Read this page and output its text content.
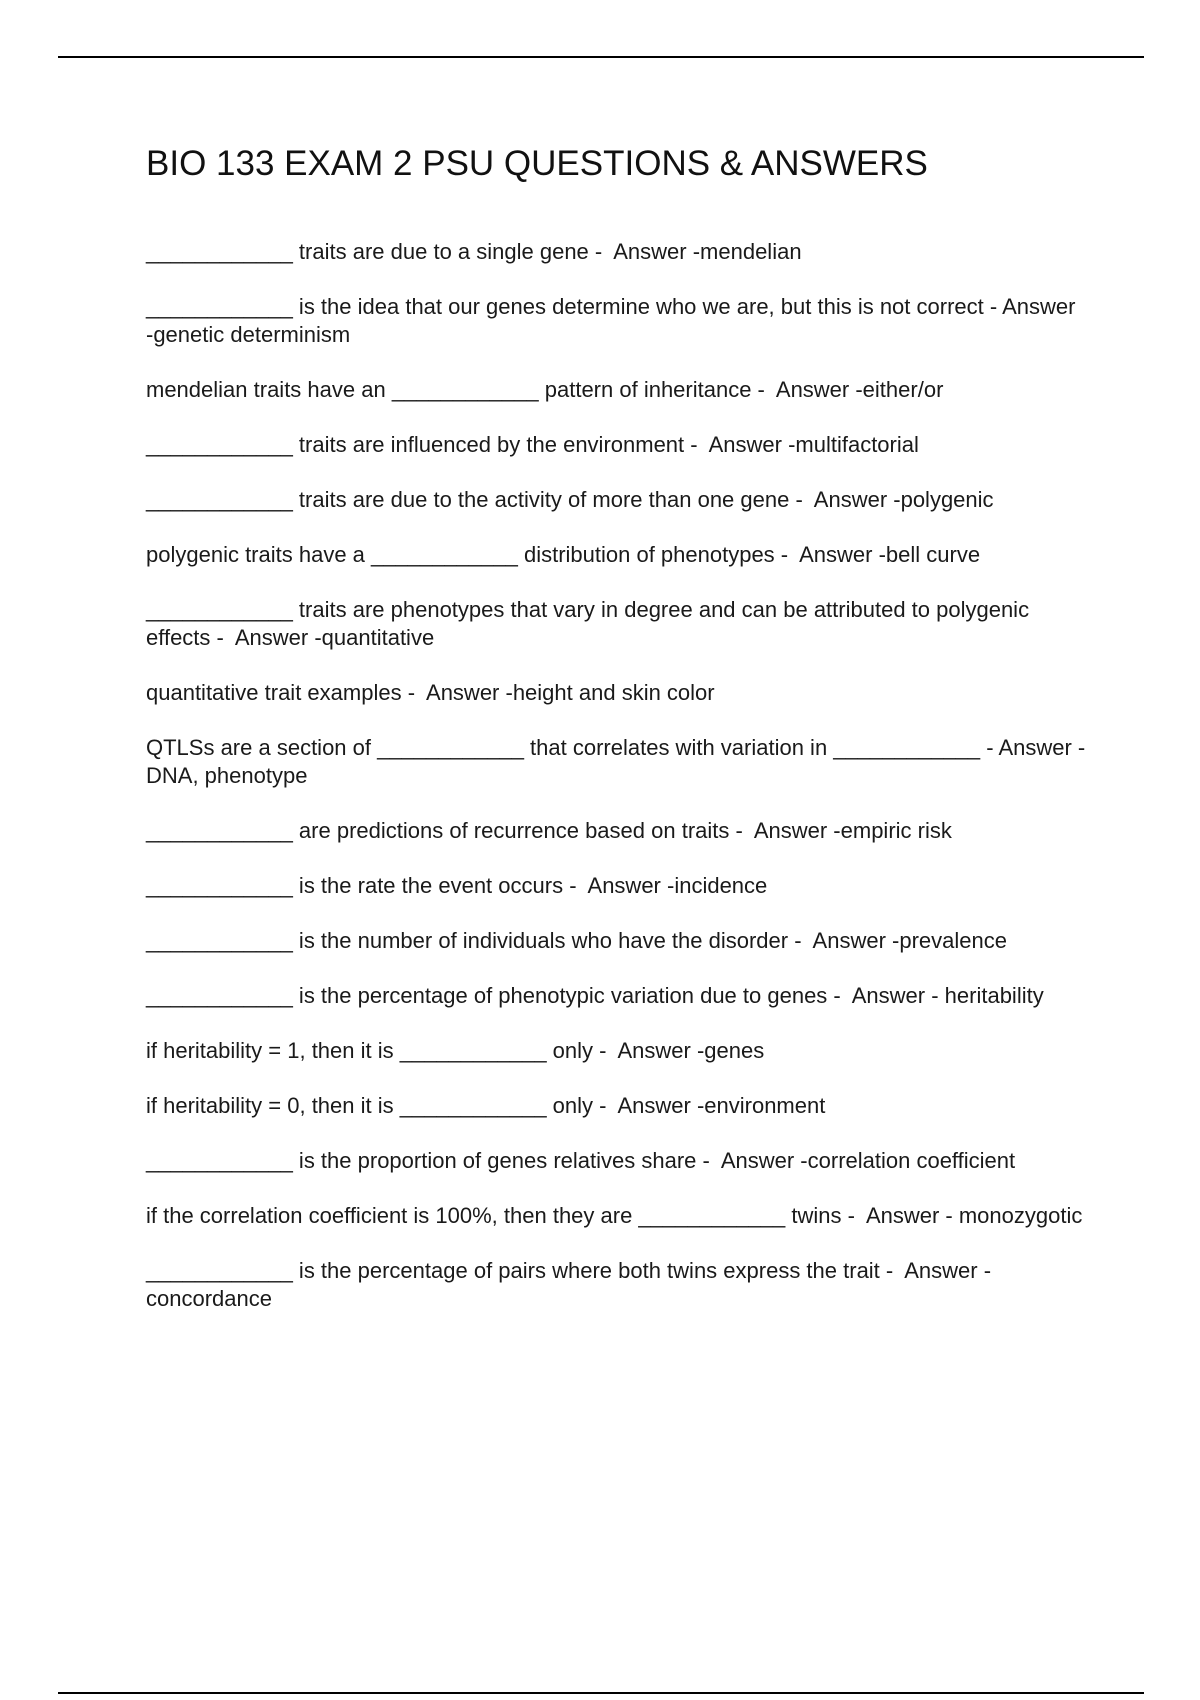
BIO 133 EXAM 2 PSU QUESTIONS & ANSWERS
____________ traits are due to a single gene -  Answer -mendelian
____________ is the idea that our genes determine who we are, but this is not correct - Answer -genetic determinism
mendelian traits have an ____________ pattern of inheritance -  Answer -either/or
____________ traits are influenced by the environment -  Answer -multifactorial
____________ traits are due to the activity of more than one gene -  Answer -polygenic
polygenic traits have a ____________ distribution of phenotypes -  Answer -bell curve
____________ traits are phenotypes that vary in degree and can be attributed to polygenic effects -  Answer -quantitative
quantitative trait examples -  Answer -height and skin color
QTLSs are a section of ____________ that correlates with variation in ____________ - Answer -DNA, phenotype
____________ are predictions of recurrence based on traits -  Answer -empiric risk
____________ is the rate the event occurs -  Answer -incidence
____________ is the number of individuals who have the disorder -  Answer -prevalence
____________ is the percentage of phenotypic variation due to genes -  Answer - heritability
if heritability = 1, then it is ____________ only -  Answer -genes
if heritability = 0, then it is ____________ only -  Answer -environment
____________ is the proportion of genes relatives share -  Answer -correlation coefficient
if the correlation coefficient is 100%, then they are ____________ twins -  Answer - monozygotic
____________ is the percentage of pairs where both twins express the trait -  Answer - concordance
